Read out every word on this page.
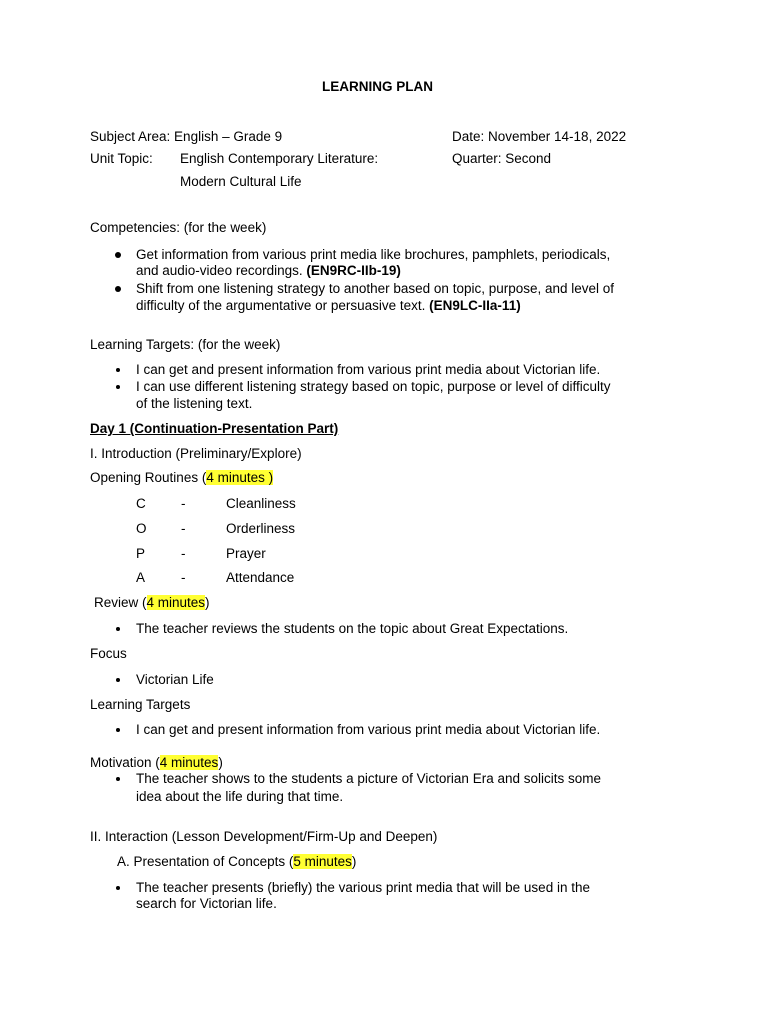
LEARNING PLAN
Subject Area: English – Grade 9	Date: November 14-18, 2022
Unit Topic: English Contemporary Literature:	Quarter: Second
Modern Cultural Life
Competencies: (for the week)
Get information from various print media like brochures, pamphlets, periodicals,
and audio-video recordings. (EN9RC-IIb-19)
Shift from one listening strategy to another based on topic, purpose, and level of
difficulty of the argumentative or persuasive text. (EN9LC-IIa-11)
Learning Targets: (for the week)
I can get and present information from various print media about Victorian life.
I can use different listening strategy based on topic, purpose or level of difficulty
of the listening text.
Day 1 (Continuation-Presentation Part)
I. Introduction (Preliminary/Explore)
Opening Routines (4 minutes )
C	-	Cleanliness
O	-	Orderliness
P	-	Prayer
A	-	Attendance
Review (4 minutes)
The teacher reviews the students on the topic about Great Expectations.
Focus
Victorian Life
Learning Targets
I can get and present information from various print media about Victorian life.
Motivation (4 minutes)
The teacher shows to the students a picture of Victorian Era and solicits some
idea about the life during that time.
II. Interaction (Lesson Development/Firm-Up and Deepen)
A. Presentation of Concepts (5 minutes)
The teacher presents (briefly) the various print media that will be used in the
search for Victorian life.
